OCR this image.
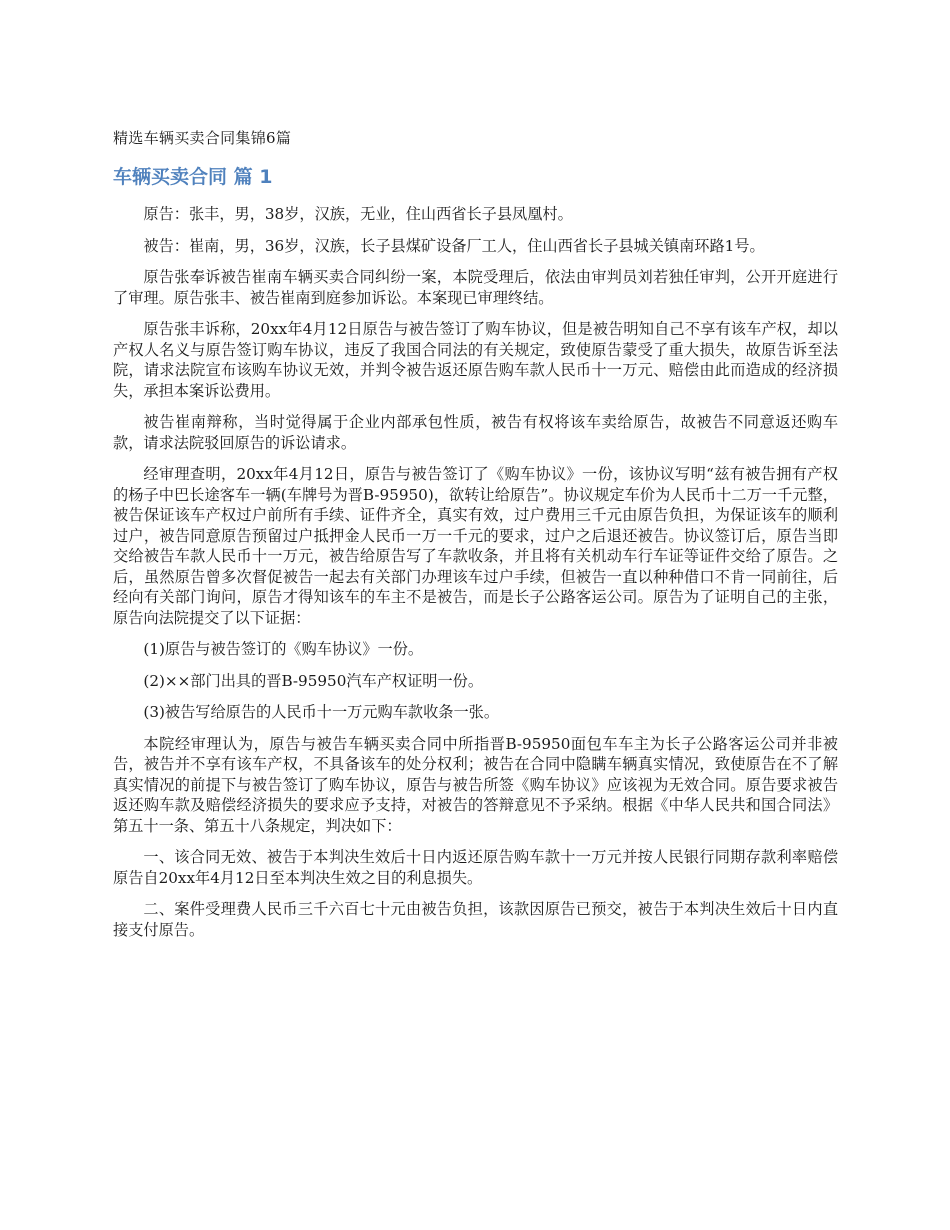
精选车辆买卖合同集锦6篇
车辆买卖合同 篇 1

原告：张丰，男，38岁，汉族，无业，住山西省长子县凤凰村。

被告：崔南，男，36岁，汉族，长子县煤矿设备厂工人，住山西省长子县城关镇南环路1号。

原告张奉诉被告崔南车辆买卖合同纠纷一案，本院受理后，依法由审判员刘若独任审判，公开开庭进行了审理。原告张丰、被告崔南到庭参加诉讼。本案现已审理终结。

原告张丰诉称，20xx年4月12日原告与被告签订了购车协议，但是被告明知自己不享有该车产权，却以产权人名义与原告签订购车协议，违反了我国合同法的有关规定，致使原告蒙受了重大损失，故原告诉至法院，请求法院宣布该购车协议无效，并判令被告返还原告购车款人民币十一万元、赔偿由此而造成的经济损失，承担本案诉讼费用。

被告崔南辩称，当时觉得属于企业内部承包性质，被告有权将该车卖给原告，故被告不同意返还购车款，请求法院驳回原告的诉讼请求。

经审理查明，20xx年4月12日，原告与被告签订了《购车协议》一份，该协议写明“兹有被告拥有产权的杨子中巴长途客车一辆(车牌号为晋B-95950)，欲转让给原告”。协议规定车价为人民币十二万一千元整，被告保证该车产权过户前所有手续、证件齐全，真实有效，过户费用三千元由原告负担，为保证该车的顺利过户，被告同意原告预留过户抵押金人民币一万一千元的要求，过户之后退还被告。协议签订后，原告当即交给被告车款人民币十一万元，被告给原告写了车款收条，并且将有关机动车行车证等证件交给了原告。之后，虽然原告曾多次督促被告一起去有关部门办理该车过户手续，但被告一直以种种借口不肯一同前往，后经向有关部门询问，原告才得知该车的车主不是被告，而是长子公路客运公司。原告为了证明自己的主张，原告向法院提交了以下证据：

(1)原告与被告签订的《购车协议》一份。

(2)××部门出具的晋B-95950汽车产权证明一份。

(3)被告写给原告的人民币十一万元购车款收条一张。

本院经审理认为，原告与被告车辆买卖合同中所指晋B-95950面包车车主为长子公路客运公司并非被告，被告并不享有该车产权，不具备该车的处分权利；被告在合同中隐瞒车辆真实情况，致使原告在不了解真实情况的前提下与被告签订了购车协议，原告与被告所签《购车协议》应该视为无效合同。原告要求被告返还购车款及赔偿经济损失的要求应予支持，对被告的答辩意见不予采纳。根据《中华人民共和国合同法》第五十一条、第五十八条规定，判决如下：

一、该合同无效、被告于本判决生效后十日内返还原告购车款十一万元并按人民银行同期存款利率赔偿原告自20xx年4月12日至本判决生效之目的利息损失。

二、案件受理费人民币三千六百七十元由被告负担，该款因原告已预交，被告于本判决生效后十日内直接支付原告。
